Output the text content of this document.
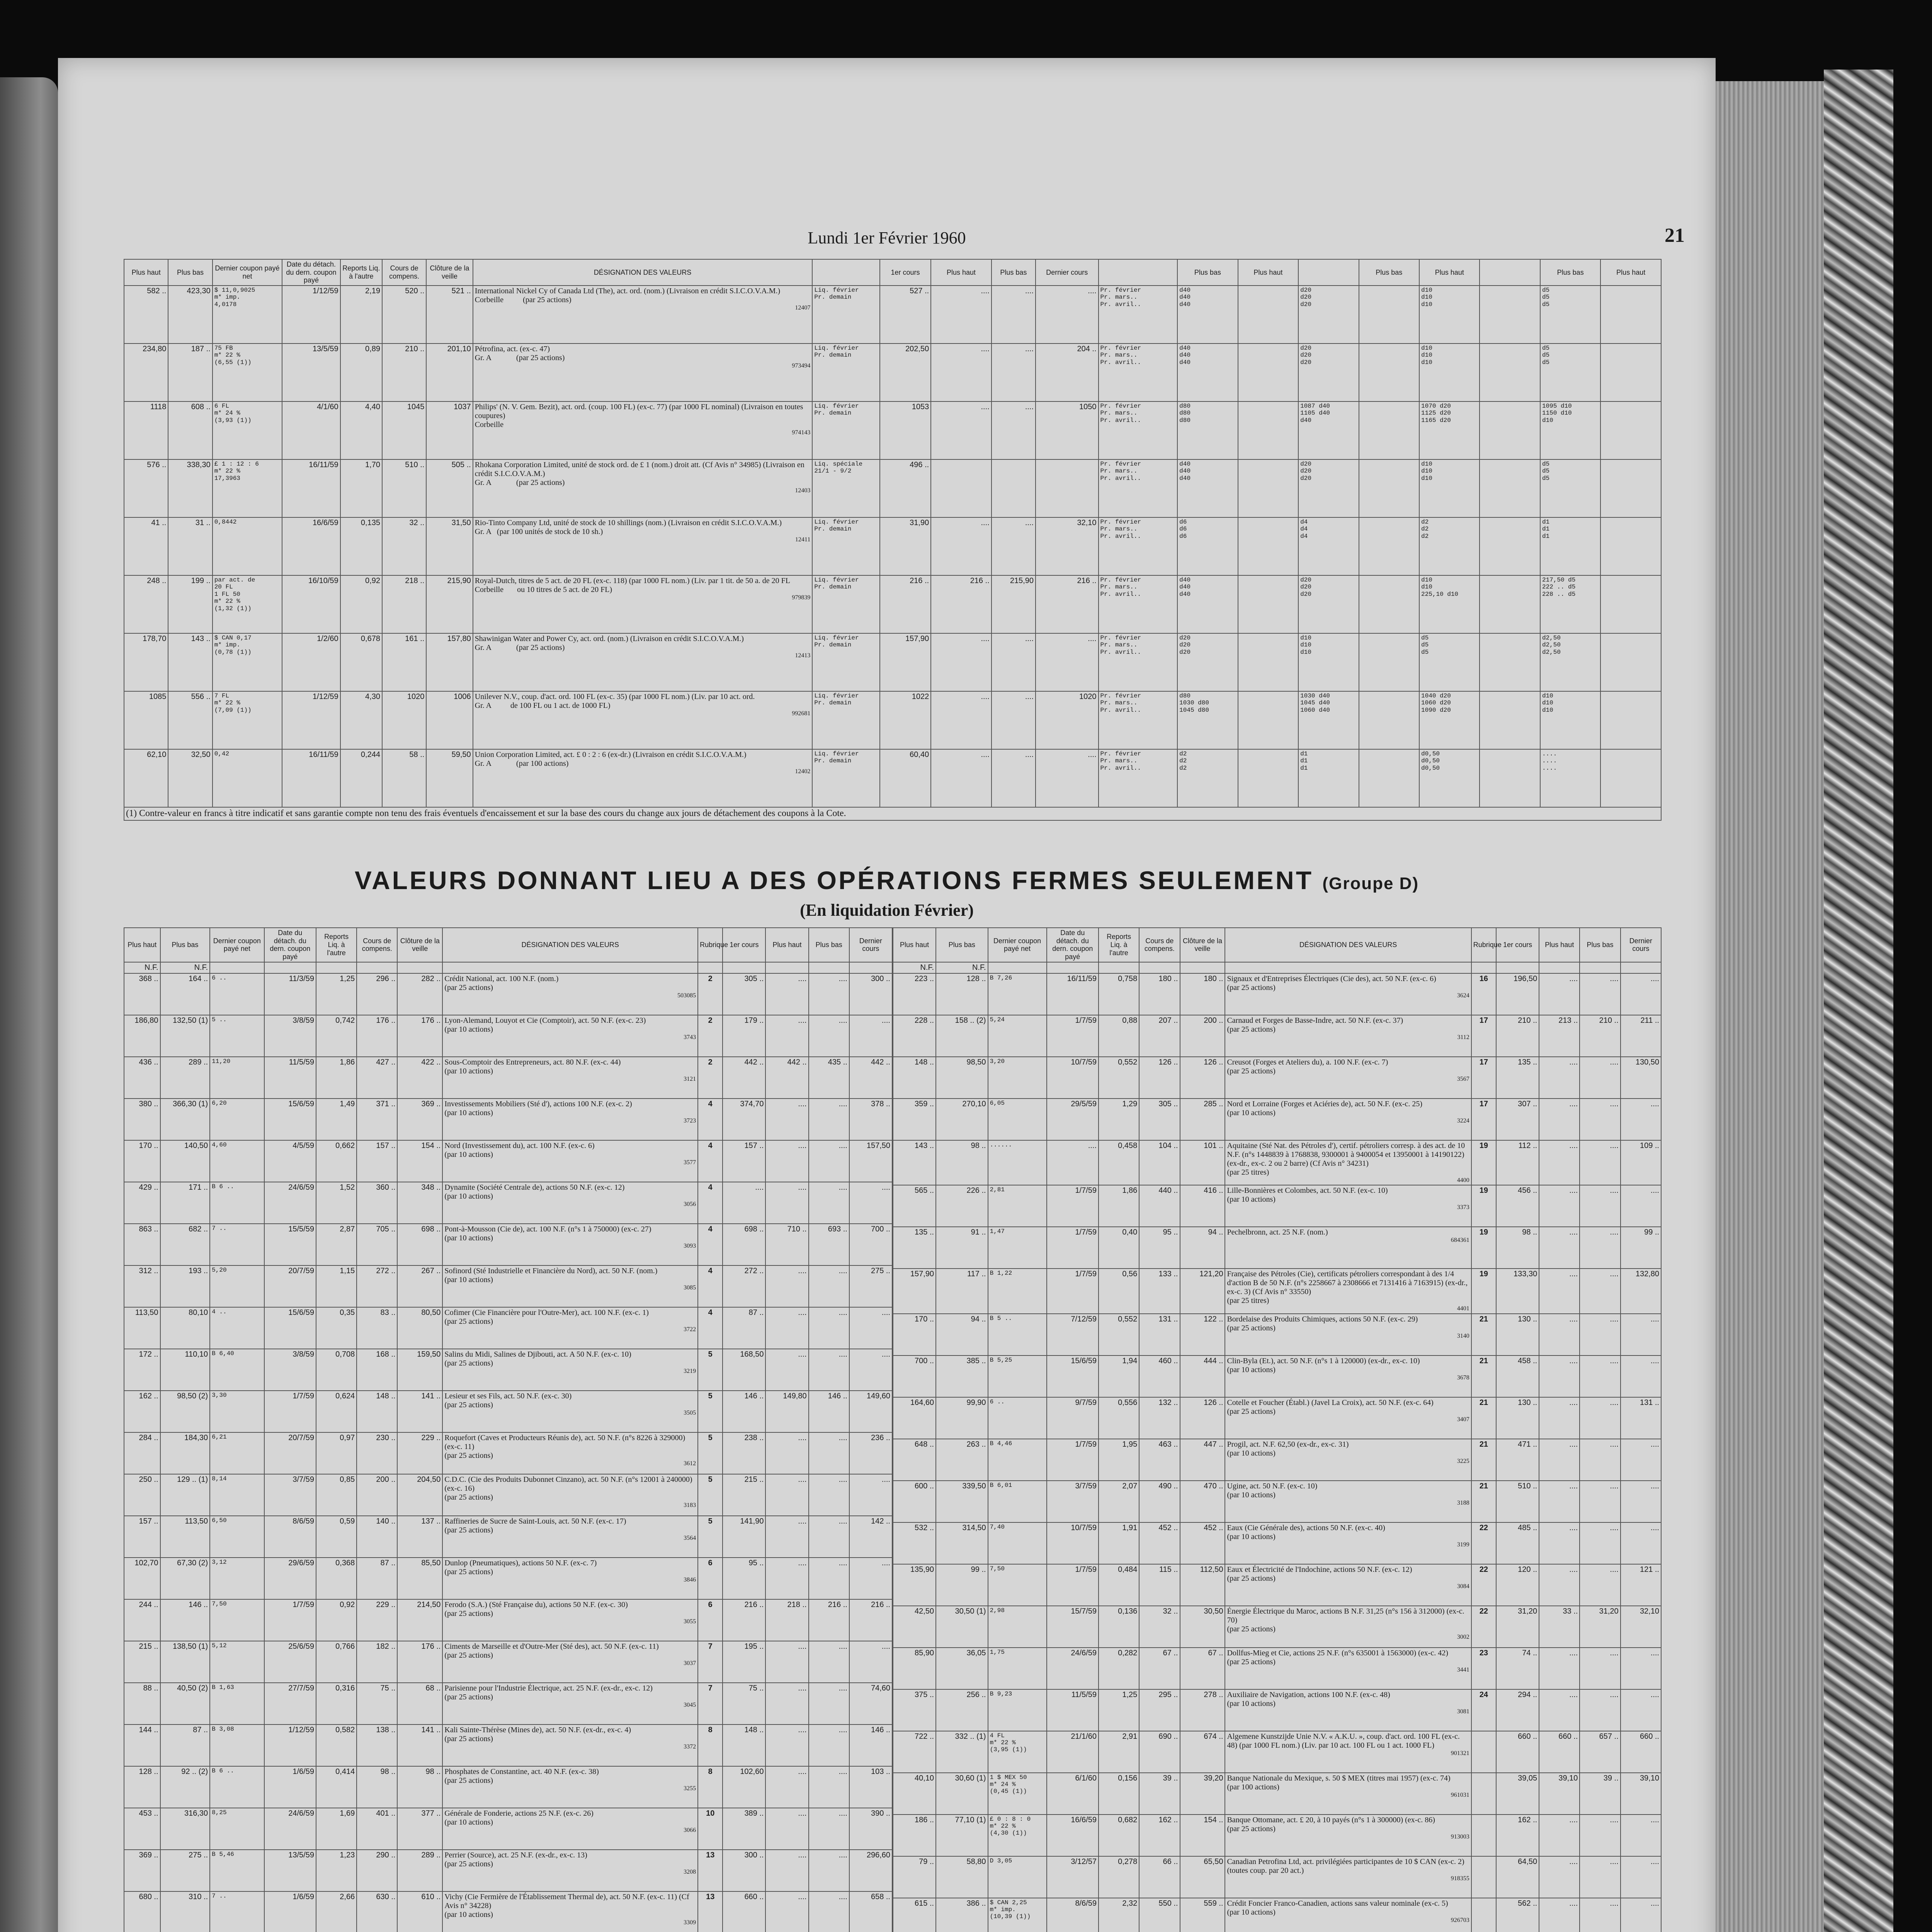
Lundi 1er Février 1960	21
Plus haut	Plus bas	Dernier coupon payé net	Date du détach. du dern. coupon payé	Reports Liq. à l'autre	Cours de compens.	Clôture de la veille	DÉSIGNATION DES VALEURS		1er cours	Plus haut	Plus bas	Dernier cours		Plus bas	Plus haut		Plus bas	Plus haut		Plus bas	Plus haut
582 ..	423,30	$ 11,0,9025
m* imp.
4,0178	1/12/59	2,19	520 ..	521 ..	International Nickel Cy of Canada Ltd (The), act. ord. (nom.) (Livraison en crédit S.I.C.O.V.A.M.)
Corbeille          (par 25 actions)
12407	Liq. février
Pr. demain	527 ..	....	....	....	Pr. février
Pr. mars..
Pr. avril..	d40
d40
d40		d20
d20
d20		d10
d10
d10		d5
d5
d5	
234,80	187 ..	75 FB
m* 22 %
(6,55 (1))	13/5/59	0,89	210 ..	201,10	Pétrofina, act. (ex-c. 47)
Gr. A             (par 25 actions)
973494	Liq. février
Pr. demain	202,50	....	....	204 ..	Pr. février
Pr. mars..
Pr. avril..	d40
d40
d40		d20
d20
d20		d10
d10
d10		d5
d5
d5	
1118	608 ..	6 FL
m* 24 %
(3,93 (1))	4/1/60	4,40	1045	1037	Philips' (N. V. Gem. Bezit), act. ord. (coup. 100 FL) (ex-c. 77) (par 1000 FL nominal) (Livraison en toutes coupures)
Corbeille
974143	Liq. février
Pr. demain	1053	....	....	1050	Pr. février
Pr. mars..
Pr. avril..	d80
d80
d80		1087 d40
1105 d40
d40		1070 d20
1125 d20
1165 d20		1095 d10
1150 d10
d10	
576 ..	338,30	£ 1 : 12 : 6
m* 22 %
17,3963	16/11/59	1,70	510 ..	505 ..	Rhokana Corporation Limited, unité de stock ord. de £ 1 (nom.) droit att. (Cf Avis n° 34985) (Livraison en crédit S.I.C.O.V.A.M.)
Gr. A             (par 25 actions)
12403	Liq. spéciale
21/1 - 9/2	496 ..				Pr. février
Pr. mars..
Pr. avril..	d40
d40
d40		d20
d20
d20		d10
d10
d10		d5
d5
d5	
41 ..	31 ..	0,8442	16/6/59	0,135	32 ..	31,50	Rio-Tinto Company Ltd, unité de stock de 10 shillings (nom.) (Livraison en crédit S.I.C.O.V.A.M.)
Gr. A   (par 100 unités de stock de 10 sh.)
12411	Liq. février
Pr. demain	31,90	....	....	32,10	Pr. février
Pr. mars..
Pr. avril..	d6
d6
d6		d4
d4
d4		d2
d2
d2		d1
d1
d1	
248 ..	199 ..	par act. de
20 FL
1 FL 50
m* 22 %
(1,32 (1))	16/10/59	0,92	218 ..	215,90	Royal-Dutch, titres de 5 act. de 20 FL (ex-c. 118) (par 1000 FL nom.) (Liv. par 1 tit. de 50 a. de 20 FL
Corbeille       ou 10 titres de 5 act. de 20 FL)
979839	Liq. février
Pr. demain	216 ..	216 ..	215,90	216 ..	Pr. février
Pr. mars..
Pr. avril..	d40
d40
d40		d20
d20
d20		d10
d10
225,10 d10		217,50 d5
222 .. d5
228 .. d5	
178,70	143 ..	$ CAN 0,17
m* imp.
(0,78 (1))	1/2/60	0,678	161 ..	157,80	Shawinigan Water and Power Cy, act. ord. (nom.) (Livraison en crédit S.I.C.O.V.A.M.)
Gr. A             (par 25 actions)
12413	Liq. février
Pr. demain	157,90	....	....	....	Pr. février
Pr. mars..
Pr. avril..	d20
d20
d20		d10
d10
d10		d5
d5
d5		d2,50
d2,50
d2,50	
1085	556 ..	7 FL
m* 22 %
(7,09 (1))	1/12/59	4,30	1020	1006	Unilever N.V., coup. d'act. ord. 100 FL (ex-c. 35) (par 1000 FL nom.) (Liv. par 10 act. ord.
Gr. A          de 100 FL ou 1 act. de 1000 FL)
992681	Liq. février
Pr. demain	1022	....	....	1020	Pr. février
Pr. mars..
Pr. avril..	d80
1030 d80
1045 d80		1030 d40
1045 d40
1060 d40		1040 d20
1060 d20
1090 d20		d10
d10
d10	
62,10	32,50	0,42	16/11/59	0,244	58 ..	59,50	Union Corporation Limited, act. £ 0 : 2 : 6 (ex-dr.) (Livraison en crédit S.I.C.O.V.A.M.)
Gr. A             (par 100 actions)
12402	Liq. février
Pr. demain	60,40	....	....	....	Pr. février
Pr. mars..
Pr. avril..	d2
d2
d2		d1
d1
d1		d0,50
d0,50
d0,50		....
....
....	
(1) Contre-valeur en francs à titre indicatif et sans garantie compte non tenu des frais éventuels d'encaissement et sur la base des cours du change aux jours de détachement des coupons à la Cote.																					
VALEURS DONNANT LIEU A DES OPÉRATIONS FERMES SEULEMENT (Groupe D)
(En liquidation Février)
Plus haut	Plus bas	Dernier coupon payé net	Date du détach. du dern. coupon payé	Reports Liq. à l'autre	Cours de compens.	Clôture de la veille	DÉSIGNATION DES VALEURS	Rubrique	1er cours	Plus haut	Plus bas	Dernier cours
N.F.	N.F.											
368 ..	164 ..	6 ..	11/3/59	1,25	296 ..	282 ..	Crédit National, act. 100 N.F. (nom.)
(par 25 actions)
503085	2	305 ..	....	....	300 ..
186,80	132,50 (1)	5 ..	3/8/59	0,742	176 ..	176 ..	Lyon-Alemand, Louyot et Cie (Comptoir), act. 50 N.F. (ex-c. 23)
(par 10 actions)
3743	2	179 ..	....	....	....
436 ..	289 ..	11,20	11/5/59	1,86	427 ..	422 ..	Sous-Comptoir des Entrepreneurs, act. 80 N.F. (ex-c. 44)
(par 10 actions)
3121	2	442 ..	442 ..	435 ..	442 ..
380 ..	366,30 (1)	6,20	15/6/59	1,49	371 ..	369 ..	Investissements Mobiliers (Sté d'), actions 100 N.F. (ex-c. 2)
(par 10 actions)
3723	4	374,70	....	....	378 ..
170 ..	140,50	4,60	4/5/59	0,662	157 ..	154 ..	Nord (Investissement du), act. 100 N.F. (ex-c. 6)
(par 10 actions)
3577	4	157 ..	....	....	157,50
429 ..	171 ..	B 6 ..	24/6/59	1,52	360 ..	348 ..	Dynamite (Société Centrale de), actions 50 N.F. (ex-c. 12)
(par 10 actions)
3056	4	....	....	....	....
863 ..	682 ..	7 ..	15/5/59	2,87	705 ..	698 ..	Pont-à-Mousson (Cie de), act. 100 N.F. (n°s 1 à 750000) (ex-c. 27)
(par 10 actions)
3093	4	698 ..	710 ..	693 ..	700 ..
312 ..	193 ..	5,20	20/7/59	1,15	272 ..	267 ..	Sofinord (Sté Industrielle et Financière du Nord), act. 50 N.F. (nom.)
(par 10 actions)
3085	4	272 ..	....	....	275 ..
113,50	80,10	4 ..	15/6/59	0,35	83 ..	80,50	Cofimer (Cie Financière pour l'Outre-Mer), act. 100 N.F. (ex-c. 1)
(par 25 actions)
3722	4	87 ..	....	....	....
172 ..	110,10	B 6,40	3/8/59	0,708	168 ..	159,50	Salins du Midi, Salines de Djibouti, act. A 50 N.F. (ex-c. 10)
(par 25 actions)
3219	5	168,50	....	....	....
162 ..	98,50 (2)	3,30	1/7/59	0,624	148 ..	141 ..	Lesieur et ses Fils, act. 50 N.F. (ex-c. 30)
(par 25 actions)
3505	5	146 ..	149,80	146 ..	149,60
284 ..	184,30	6,21	20/7/59	0,97	230 ..	229 ..	Roquefort (Caves et Producteurs Réunis de), act. 50 N.F. (n°s 8226 à 329000) (ex-c. 11)
(par 25 actions)
3612	5	238 ..	....	....	236 ..
250 ..	129 .. (1)	8,14	3/7/59	0,85	200 ..	204,50	C.D.C. (Cie des Produits Dubonnet Cinzano), act. 50 N.F. (n°s 12001 à 240000) (ex-c. 16)
(par 25 actions)
3183	5	215 ..	....	....	....
157 ..	113,50	6,50	8/6/59	0,59	140 ..	137 ..	Raffineries de Sucre de Saint-Louis, act. 50 N.F. (ex-c. 17)
(par 25 actions)
3564	5	141,90	....	....	142 ..
102,70	67,30 (2)	3,12	29/6/59	0,368	87 ..	85,50	Dunlop (Pneumatiques), actions 50 N.F. (ex-c. 7)
(par 25 actions)
3846	6	95 ..	....	....	....
244 ..	146 ..	7,50	1/7/59	0,92	229 ..	214,50	Ferodo (S.A.) (Sté Française du), actions 50 N.F. (ex-c. 30)
(par 25 actions)
3055	6	216 ..	218 ..	216 ..	216 ..
215 ..	138,50 (1)	5,12	25/6/59	0,766	182 ..	176 ..	Ciments de Marseille et d'Outre-Mer (Sté des), act. 50 N.F. (ex-c. 11)
(par 25 actions)
3037	7	195 ..	....	....	....
88 ..	40,50 (2)	B 1,63	27/7/59	0,316	75 ..	68 ..	Parisienne pour l'Industrie Électrique, act. 25 N.F. (ex-dr., ex-c. 12)
(par 25 actions)
3045	7	75 ..	....	....	74,60
144 ..	87 ..	B 3,08	1/12/59	0,582	138 ..	141 ..	Kali Sainte-Thérèse (Mines de), act. 50 N.F. (ex-dr., ex-c. 4)
(par 25 actions)
3372	8	148 ..	....	....	146 ..
128 ..	92 .. (2)	B 6 ..	1/6/59	0,414	98 ..	98 ..	Phosphates de Constantine, act. 40 N.F. (ex-c. 38)
(par 25 actions)
3255	8	102,60	....	....	103 ..
453 ..	316,30	8,25	24/6/59	1,69	401 ..	377 ..	Générale de Fonderie, actions 25 N.F. (ex-c. 26)
(par 10 actions)
3066	10	389 ..	....	....	390 ..
369 ..	275 ..	B 5,46	13/5/59	1,23	290 ..	289 ..	Perrier (Source), act. 25 N.F. (ex-dr., ex-c. 13)
(par 25 actions)
3208	13	300 ..	....	....	296,60
680 ..	310 ..	7 ..	1/6/59	2,66	630 ..	610 ..	Vichy (Cie Fermière de l'Établissement Thermal de), act. 50 N.F. (ex-c. 11) (Cf Avis n° 34228)
(par 10 actions)
3309	13	660 ..	....	....	658 ..

Plus haut	Plus bas	Dernier coupon payé net	Date du détach. du dern. coupon payé	Reports Liq. à l'autre	Cours de compens.	Clôture de la veille	DÉSIGNATION DES VALEURS	Rubrique	1er cours	Plus haut	Plus bas	Dernier cours
N.F.	N.F.											
223 ..	128 ..	B 7,26	16/11/59	0,758	180 ..	180 ..	Signaux et d'Entreprises Électriques (Cie des), act. 50 N.F. (ex-c. 6)
(par 25 actions)
3624	16	196,50	....	....	....
228 ..	158 .. (2)	5,24	1/7/59	0,88	207 ..	200 ..	Carnaud et Forges de Basse-Indre, act. 50 N.F. (ex-c. 37)
(par 25 actions)
3112	17	210 ..	213 ..	210 ..	211 ..
148 ..	98,50	3,20	10/7/59	0,552	126 ..	126 ..	Creusot (Forges et Ateliers du), a. 100 N.F. (ex-c. 7)
(par 25 actions)
3567	17	135 ..	....	....	130,50
359 ..	270,10	6,05	29/5/59	1,29	305 ..	285 ..	Nord et Lorraine (Forges et Aciéries de), act. 50 N.F. (ex-c. 25)
(par 10 actions)
3224	17	307 ..	....	....	....
143 ..	98 ..	......	....	0,458	104 ..	101 ..	Aquitaine (Sté Nat. des Pétroles d'), certif. pétroliers corresp. à des act. de 10 N.F. (n°s 1448839 à 1768838, 9300001 à 9400054 et 13950001 à 14190122) (ex-dr., ex-c. 2 ou 2 barre) (Cf Avis n° 34231)
(par 25 titres)
4400	19	112 ..	....	....	109 ..
565 ..	226 ..	2,81	1/7/59	1,86	440 ..	416 ..	Lille-Bonnières et Colombes, act. 50 N.F. (ex-c. 10)
(par 10 actions)
3373	19	456 ..	....	....	....
135 ..	91 ..	1,47	1/7/59	0,40	95 ..	94 ..	Pechelbronn, act. 25 N.F. (nom.)
684361	19	98 ..	....	....	99 ..
157,90	117 ..	B 1,22	1/7/59	0,56	133 ..	121,20	Française des Pétroles (Cie), certificats pétroliers correspondant à des 1/4 d'action B de 50 N.F. (n°s 2258667 à 2308666 et 7131416 à 7163915) (ex-dr., ex-c. 3) (Cf Avis n° 33550)
(par 25 titres)
4401	19	133,30	....	....	132,80
170 ..	94 ..	B 5 ..	7/12/59	0,552	131 ..	122 ..	Bordelaise des Produits Chimiques, actions 50 N.F. (ex-c. 29)
(par 25 actions)
3140	21	130 ..	....	....	....
700 ..	385 ..	B 5,25	15/6/59	1,94	460 ..	444 ..	Clin-Byla (Et.), act. 50 N.F. (n°s 1 à 120000) (ex-dr., ex-c. 10)
(par 10 actions)
3678	21	458 ..	....	....	....
164,60	99,90	6 ..	9/7/59	0,556	132 ..	126 ..	Cotelle et Foucher (Établ.) (Javel La Croix), act. 50 N.F. (ex-c. 64)
(par 25 actions)
3407	21	130 ..	....	....	131 ..
648 ..	263 ..	B 4,46	1/7/59	1,95	463 ..	447 ..	Progil, act. N.F. 62,50 (ex-dr., ex-c. 31)
(par 10 actions)
3225	21	471 ..	....	....	....
600 ..	339,50	B 6,01	3/7/59	2,07	490 ..	470 ..	Ugine, act. 50 N.F. (ex-c. 10)
(par 10 actions)
3188	21	510 ..	....	....	....
532 ..	314,50	7,40	10/7/59	1,91	452 ..	452 ..	Eaux (Cie Générale des), actions 50 N.F. (ex-c. 40)
(par 10 actions)
3199	22	485 ..	....	....	....
135,90	99 ..	7,50	1/7/59	0,484	115 ..	112,50	Eaux et Électricité de l'Indochine, actions 50 N.F. (ex-c. 12)
(par 25 actions)
3084	22	120 ..	....	....	121 ..
42,50	30,50 (1)	2,98	15/7/59	0,136	32 ..	30,50	Énergie Électrique du Maroc, actions B N.F. 31,25 (n°s 156 à 312000) (ex-c. 70)
(par 25 actions)
3002	22	31,20	33 ..	31,20	32,10
85,90	36,05	1,75	24/6/59	0,282	67 ..	67 ..	Dollfus-Mieg et Cie, actions 25 N.F. (n°s 635001 à 1563000) (ex-c. 42)
(par 25 actions)
3441	23	74 ..	....	....	....
375 ..	256 ..	B 9,23	11/5/59	1,25	295 ..	278 ..	Auxiliaire de Navigation, actions 100 N.F. (ex-c. 48)
(par 10 actions)
3081	24	294 ..	....	....	....
722 ..	332 .. (1)	4 FL
m* 22 %
(3,95 (1))	21/1/60	2,91	690 ..	674 ..	Algemene Kunstzijde Unie N.V. « A.K.U. », coup. d'act. ord. 100 FL (ex-c. 48) (par 1000 FL nom.) (Liv. par 10 act. 100 FL ou 1 act. 1000 FL)
901321		660 ..	660 ..	657 ..	660 ..
40,10	30,60 (1)	1 $ MEX 50
m* 24 %
(0,45 (1))	6/1/60	0,156	39 ..	39,20	Banque Nationale du Mexique, s. 50 $ MEX (titres mai 1957) (ex-c. 74)
(par 100 actions)
961031		39,05	39,10	39 ..	39,10
186 ..	77,10 (1)	£ 0 : 8 : 0
m* 22 %
(4,30 (1))	16/6/59	0,682	162 ..	154 ..	Banque Ottomane, act. £ 20, à 10 payés (n°s 1 à 300000) (ex-c. 86)
(par 25 actions)
913003		162 ..	....	....	....
79 ..	58,80	D 3,05	3/12/57	0,278	66 ..	65,50	Canadian Petrofina Ltd, act. privilégiées participantes de 10 $ CAN (ex-c. 2) (toutes coup. par 20 act.)
918355		64,50	....	....	....
615 ..	386 ..	$ CAN 2,25
m* imp.
(10,39 (1))	8/6/59	2,32	550 ..	559 ..	Crédit Foncier Franco-Canadien, actions sans valeur nominale (ex-c. 5)
(par 10 actions)
926703		562 ..	....	....	....
